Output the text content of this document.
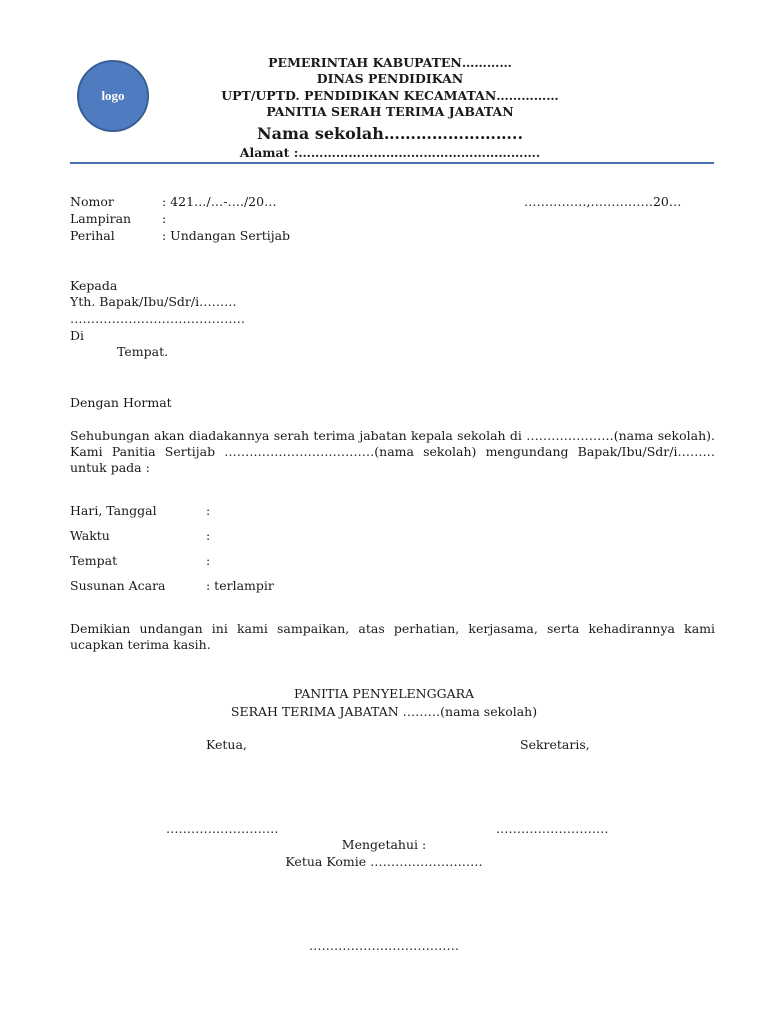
logo
PEMERINTAH KABUPATEN…………
DINAS PENDIDIKAN
UPT/UPTD. PENDIDIKAN KECAMATAN……………
PANITIA SERAH TERIMA JABATAN
Nama sekolah……………………..
Alamat :………………………………………………….
Nomor	: 421…/…-…./20…	……………,……………20…
Lampiran :
Perihal	: Undangan Sertijab
Kepada
Yth. Bapak/Ibu/Sdr/i………
……………………………………
Di
Tempat.
Dengan Hormat
Sehubungan akan diadakannya serah terima jabatan kepala sekolah di …………………(nama sekolah). Kami Panitia Sertijab ………………………………(nama sekolah) mengundang Bapak/Ibu/Sdr/i………untuk pada :
Hari, Tanggal	:
Waktu	:
Tempat	:
Susunan Acara	: terlampir
Demikian undangan ini kami sampaikan, atas perhatian, kerjasama, serta kehadirannya kami ucapkan terima kasih.
PANITIA PENYELENGGARA
SERAH TERIMA JABATAN ………(nama sekolah)
Ketua,	Sekretaris,
………………………	………………………
Mengetahui :
Ketua Komie ………………………
………………………………
